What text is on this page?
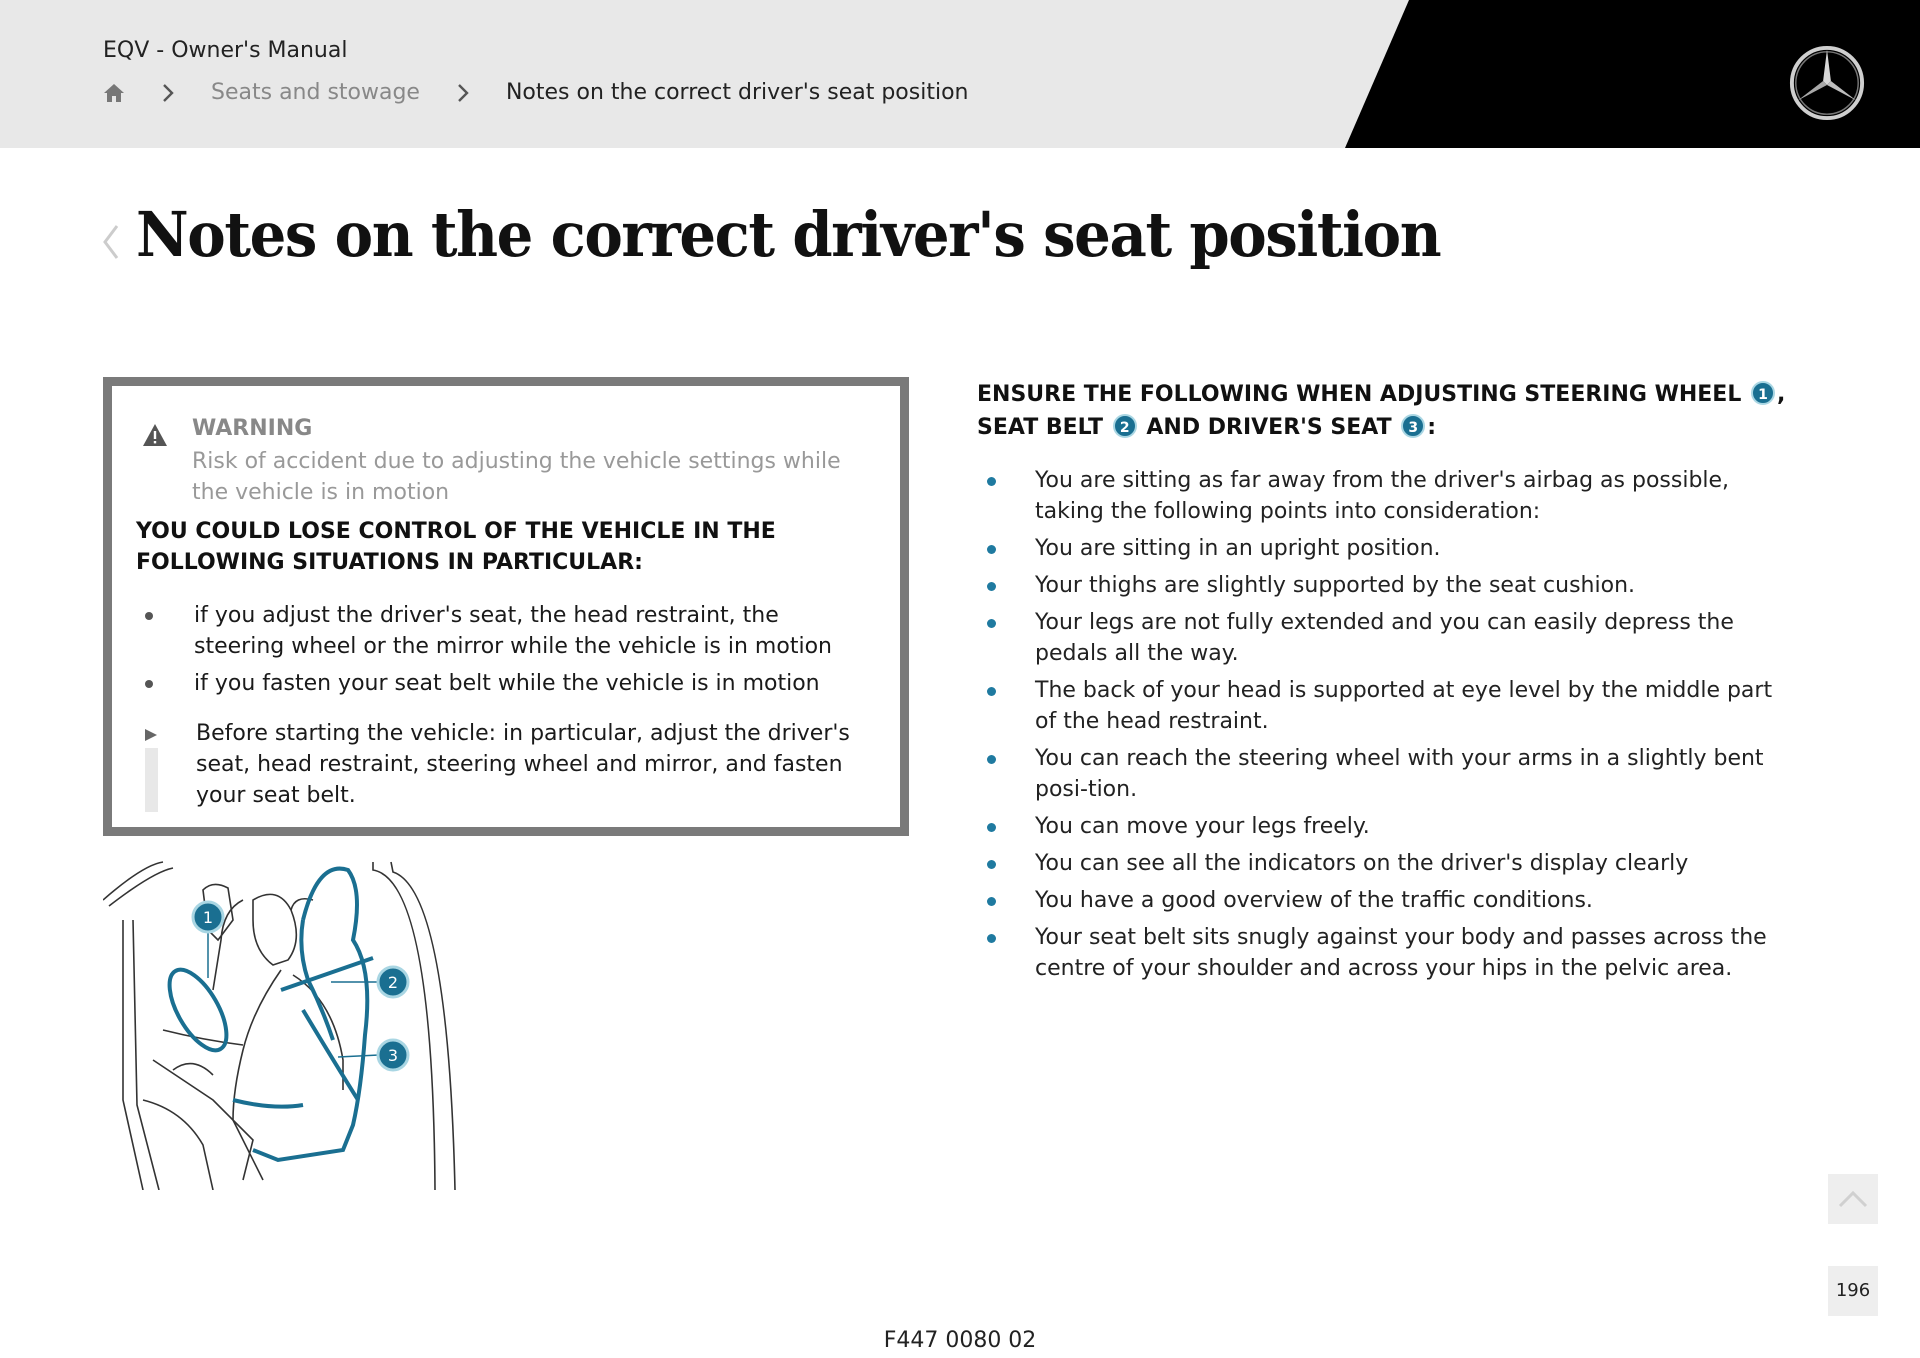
EQV - Owner's Manual
Seats and stowage	Notes on the correct driver's seat position
Notes on the correct driver's seat position
WARNING
Risk of accident due to adjusting the vehicle settings while the vehicle is in motion
YOU COULD LOSE CONTROL OF THE VEHICLE IN THE FOLLOWING SITUATIONS IN PARTICULAR:
if you adjust the driver's seat, the head restraint, the steering wheel or the mirror while the vehicle is in motion
if you fasten your seat belt while the vehicle is in motion
Before starting the vehicle: in particular, adjust the driver's seat, head restraint, steering wheel and mirror, and fasten your seat belt.
1
2
3
ENSURE THE FOLLOWING WHEN ADJUSTING STEERING WHEEL 1 , SEAT BELT 2 AND DRIVER'S SEAT 3 :
You are sitting as far away from the driver's airbag as possible, taking the following points into consideration:
You are sitting in an upright position.
Your thighs are slightly supported by the seat cushion.
Your legs are not fully extended and you can easily depress the pedals all the way.
The back of your head is supported at eye level by the middle part of the head restraint.
You can reach the steering wheel with your arms in a slightly bent posi-tion.
You can move your legs freely.
You can see all the indicators on the driver's display clearly
You have a good overview of the traffic conditions.
Your seat belt sits snugly against your body and passes across the centre of your shoulder and across your hips in the pelvic area.
F447 0080 02
196
